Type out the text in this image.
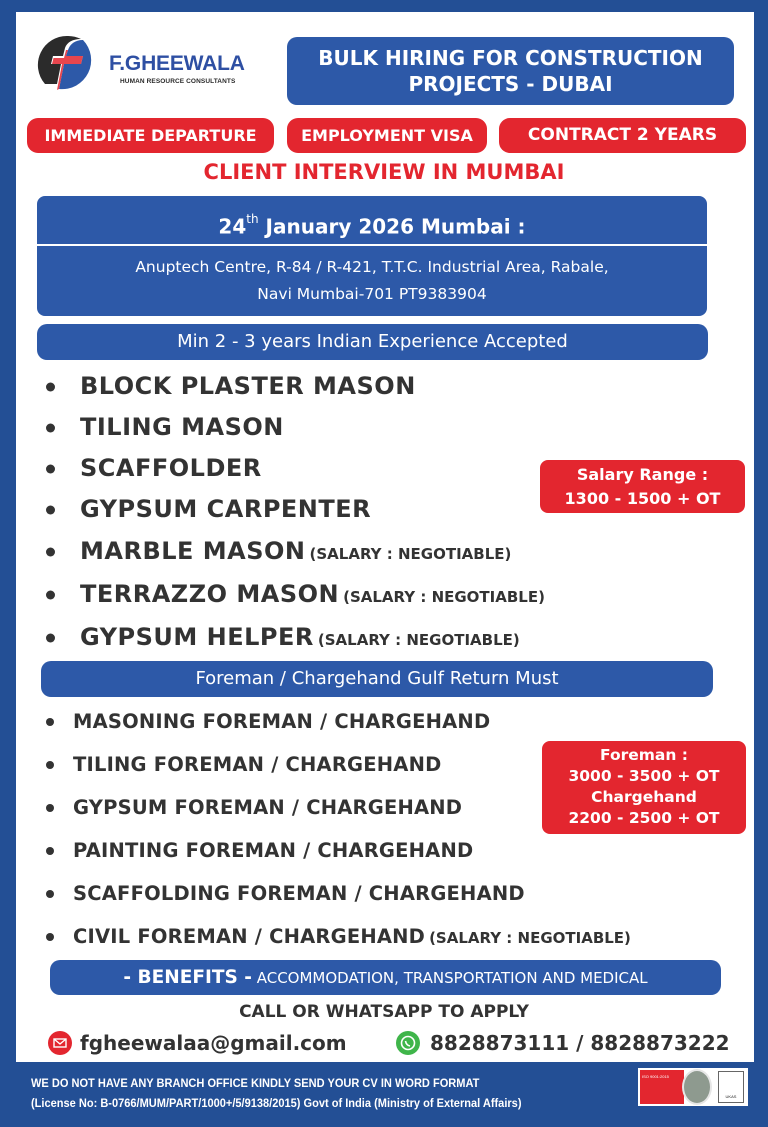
F.GHEEWALA
HUMAN RESOURCE CONSULTANTS
BULK HIRING FOR CONSTRUCTION
PROJECTS - DUBAI
IMMEDIATE DEPARTURE	EMPLOYMENT VISA	CONTRACT 2 YEARS
CLIENT INTERVIEW IN MUMBAI
24th January 2026 Mumbai :
Anuptech Centre, R-84 / R-421, T.T.C. Industrial Area, Rabale,
Navi Mumbai-701 PT9383904
Min 2 - 3 years Indian Experience Accepted
BLOCK PLASTER MASON
TILING MASON
SCAFFOLDER
GYPSUM CARPENTER
Salary Range :
1300 - 1500 + OT
MARBLE MASON (SALARY : NEGOTIABLE)
TERRAZZO MASON (SALARY : NEGOTIABLE)
GYPSUM HELPER (SALARY : NEGOTIABLE)
Foreman / Chargehand Gulf Return Must
MASONING FOREMAN / CHARGEHAND
TILING FOREMAN / CHARGEHAND
GYPSUM FOREMAN / CHARGEHAND
PAINTING FOREMAN / CHARGEHAND
SCAFFOLDING FOREMAN / CHARGEHAND
CIVIL FOREMAN / CHARGEHAND (SALARY : NEGOTIABLE)
Foreman :
3000 - 3500 + OT
Chargehand
2200 - 2500 + OT
- BENEFITS - ACCOMMODATION, TRANSPORTATION AND MEDICAL
CALL OR WHATSAPP TO APPLY
fgheewalaa@gmail.com	8828873111 / 8828873222
WE DO NOT HAVE ANY BRANCH OFFICE KINDLY SEND YOUR CV IN WORD FORMAT
(License No: B-0766/MUM/PART/1000+/5/9138/2015) Govt of India (Ministry of External Affairs)
ISO 9001:2015
UKAS
